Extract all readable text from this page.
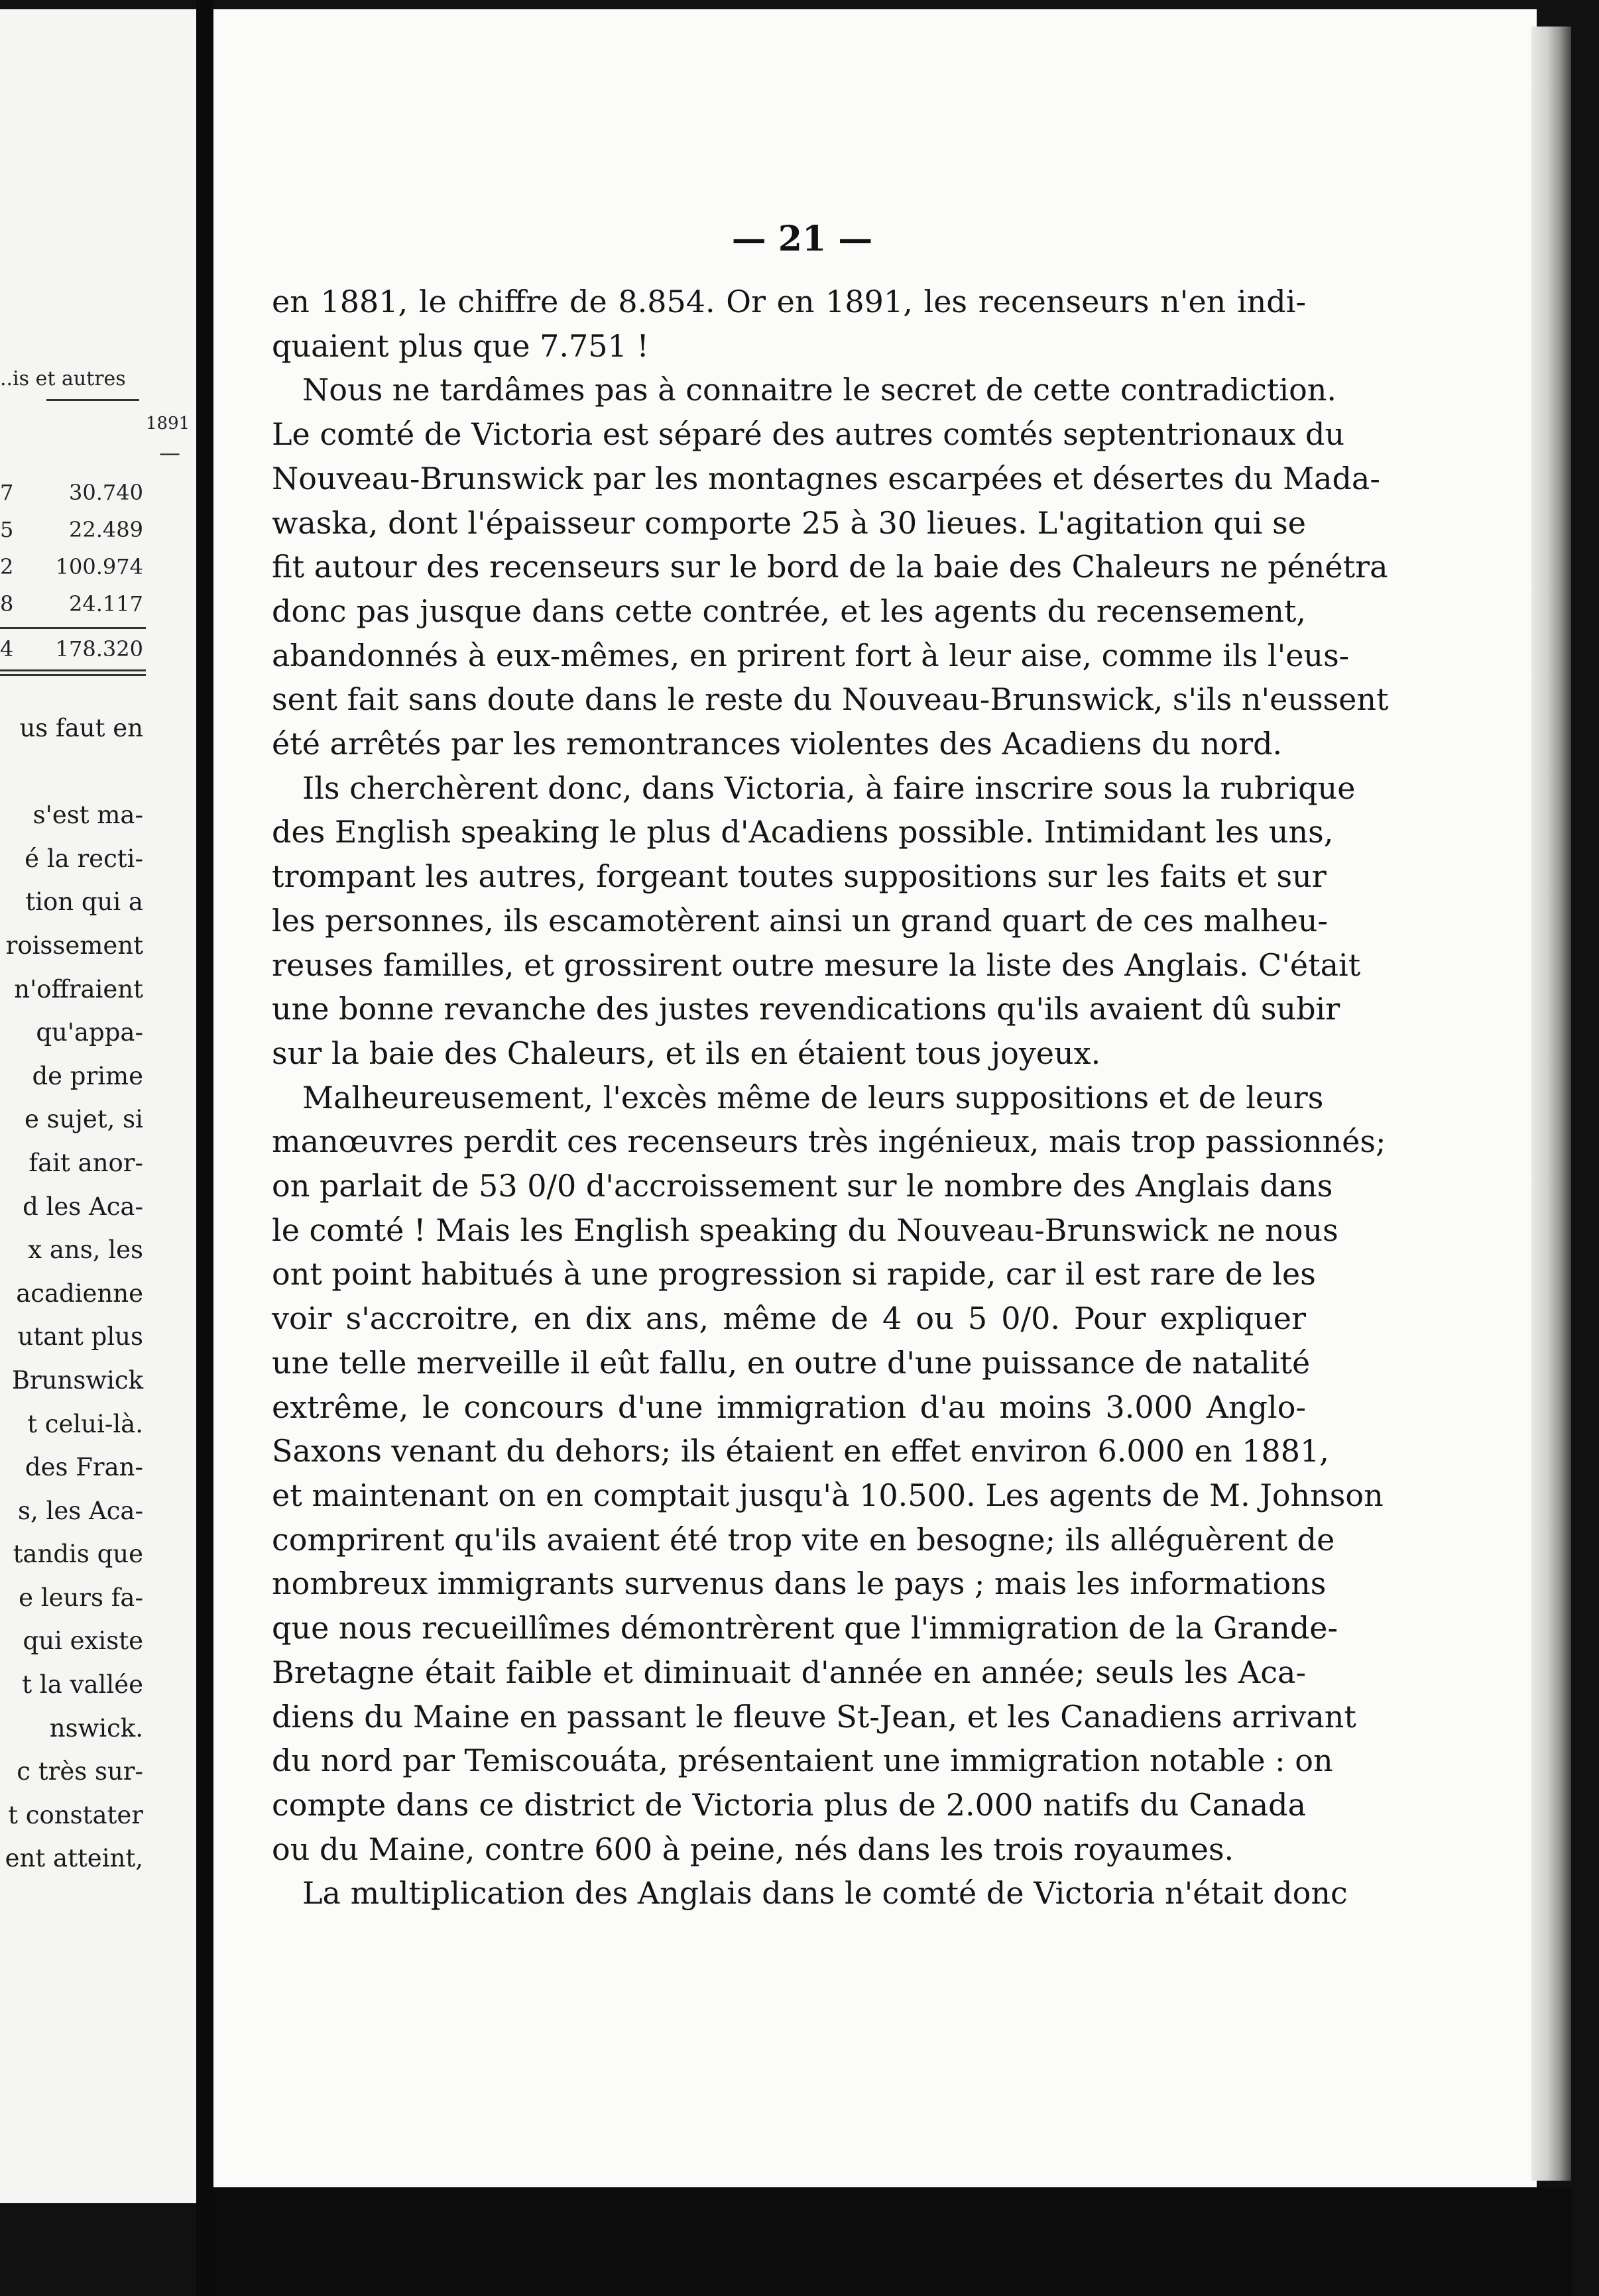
..is et autres
1891
—
7	30.740
5	22.489
2 100.974
8	24.117
4 178.320
us faut en

s'est ma-
é la recti-
tion qui a
roissement
n'offraient
qu'appa-
de prime
e sujet, si
fait anor-
d les Aca-
x ans, les
acadienne
utant plus
Brunswick
t celui-là.
des Fran-
s, les Aca-
tandis que
e leurs fa-
qui existe
t la vallée
nswick.
c très sur-
t constater
ent atteint,
— 21 —
en 1881, le chiffre de 8.854. Or en 1891, les recenseurs n'en indi-
quaient plus que 7.751 !
Nous ne tardâmes pas à connaitre le secret de cette contradiction.
Le comté de Victoria est séparé des autres comtés septentrionaux du
Nouveau-Brunswick par les montagnes escarpées et désertes du Mada-
waska, dont l'épaisseur comporte 25 à 30 lieues. L'agitation qui se
fit autour des recenseurs sur le bord de la baie des Chaleurs ne pénétra
donc pas jusque dans cette contrée, et les agents du recensement,
abandonnés à eux-mêmes, en prirent fort à leur aise, comme ils l'eus-
sent fait sans doute dans le reste du Nouveau-Brunswick, s'ils n'eussent
été arrêtés par les remontrances violentes des Acadiens du nord.
Ils cherchèrent donc, dans Victoria, à faire inscrire sous la rubrique
des English speaking le plus d'Acadiens possible. Intimidant les uns,
trompant les autres, forgeant toutes suppositions sur les faits et sur
les personnes, ils escamotèrent ainsi un grand quart de ces malheu-
reuses familles, et grossirent outre mesure la liste des Anglais. C'était
une bonne revanche des justes revendications qu'ils avaient dû subir
sur la baie des Chaleurs, et ils en étaient tous joyeux.
Malheureusement, l'excès même de leurs suppositions et de leurs
manœuvres perdit ces recenseurs très ingénieux, mais trop passionnés;
on parlait de 53 0/0 d'accroissement sur le nombre des Anglais dans
le comté ! Mais les English speaking du Nouveau-Brunswick ne nous
ont point habitués à une progression si rapide, car il est rare de les
voir s'accroitre, en dix ans, même de 4 ou 5 0/0. Pour expliquer
une telle merveille il eût fallu, en outre d'une puissance de natalité
extrême, le concours d'une immigration d'au moins 3.000 Anglo-
Saxons venant du dehors; ils étaient en effet environ 6.000 en 1881,
et maintenant on en comptait jusqu'à 10.500. Les agents de M. Johnson
comprirent qu'ils avaient été trop vite en besogne; ils alléguèrent de
nombreux immigrants survenus dans le pays ; mais les informations
que nous recueillîmes démontrèrent que l'immigration de la Grande-
Bretagne était faible et diminuait d'année en année; seuls les Aca-
diens du Maine en passant le fleuve St-Jean, et les Canadiens arrivant
du nord par Temiscouáta, présentaient une immigration notable : on
compte dans ce district de Victoria plus de 2.000 natifs du Canada
ou du Maine, contre 600 à peine, nés dans les trois royaumes.
La multiplication des Anglais dans le comté de Victoria n'était donc
